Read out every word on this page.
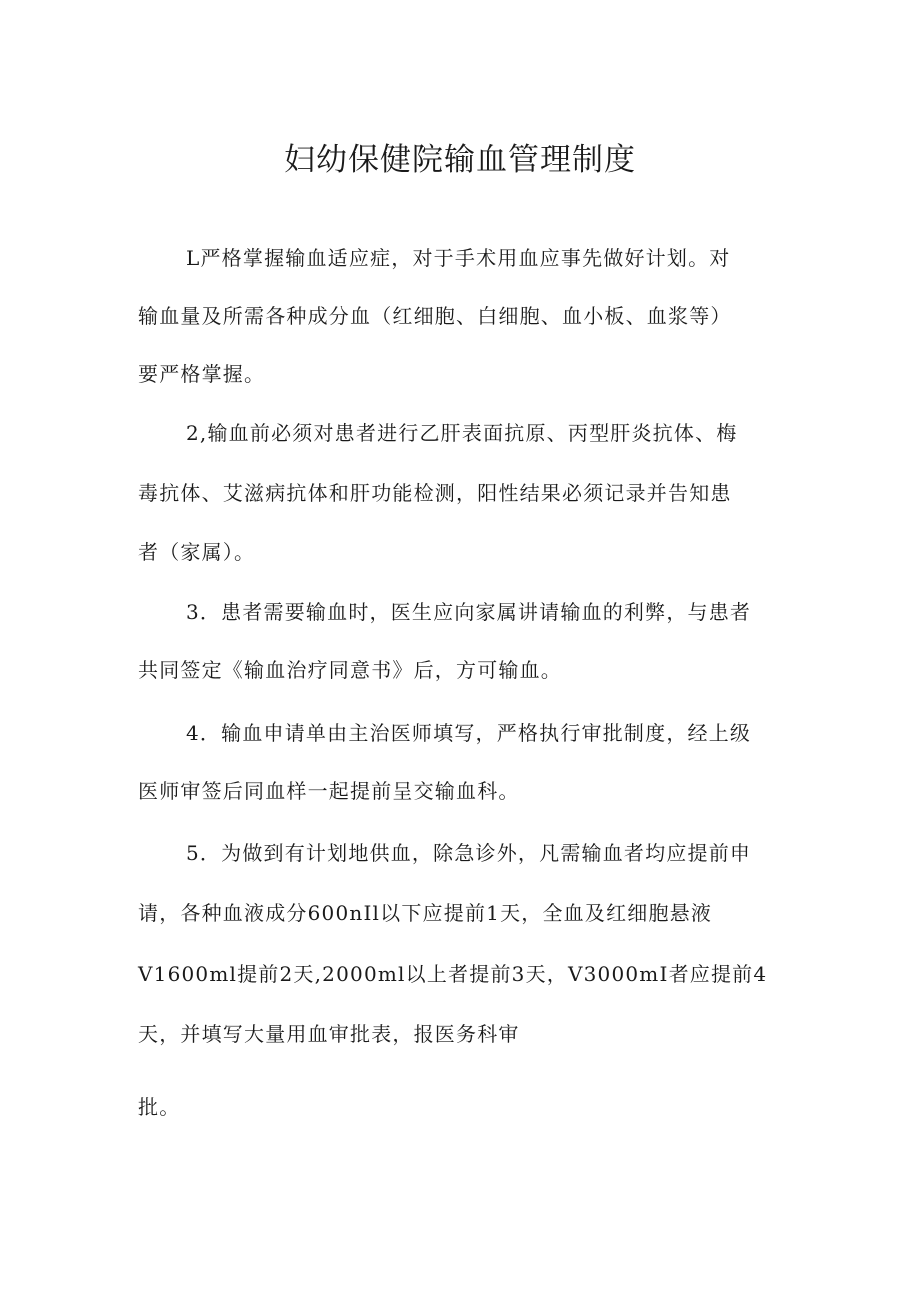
妇幼保健院输血管理制度

L严格掌握输血适应症，对于手术用血应事先做好计划。对

输血量及所需各种成分血（红细胞、白细胞、血小板、血浆等）

要严格掌握。

2,输血前必须对患者进行乙肝表面抗原、丙型肝炎抗体、梅

毒抗体、艾滋病抗体和肝功能检测，阳性结果必须记录并告知患

者（家属）。

3．患者需要输血时，医生应向家属讲请输血的利弊，与患者

共同签定《输血治疗同意书》后，方可输血。

4．输血申请单由主治医师填写，严格执行审批制度，经上级

医师审签后同血样一起提前呈交输血科。

5．为做到有计划地供血，除急诊外，凡需输血者均应提前申

请，各种血液成分600nIl以下应提前1天，全血及红细胞悬液

V1600ml提前2天,2000ml以上者提前3天，V3000mI者应提前4

天，并填写大量用血审批表，报医务科审

批。
